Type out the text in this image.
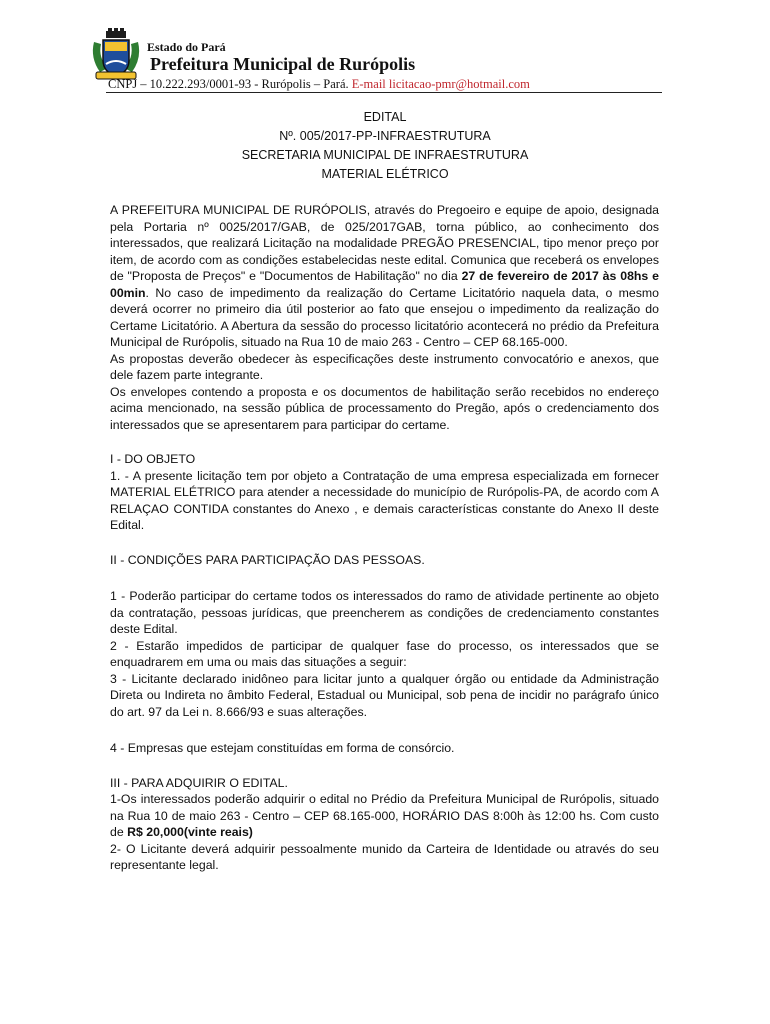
Estado do Pará
Prefeitura Municipal de Rurópolis
CNPJ – 10.222.293/0001-93 - Rurópolis – Pará. E-mail licitacao-pmr@hotmail.com
EDITAL
Nº. 005/2017-PP-INFRAESTRUTURA
SECRETARIA MUNICIPAL DE INFRAESTRUTURA
MATERIAL ELÉTRICO

A PREFEITURA MUNICIPAL DE RURÓPOLIS, através do Pregoeiro e equipe de apoio, designada pela Portaria nº 0025/2017/GAB, de 025/2017GAB, torna público, ao conhecimento dos interessados, que realizará Licitação na modalidade PREGÃO PRESENCIAL, tipo menor preço por item, de acordo com as condições estabelecidas neste edital. Comunica que receberá os envelopes de "Proposta de Preços" e "Documentos de Habilitação" no dia 27 de fevereiro de 2017 às 08hs e 00min. No caso de impedimento da realização do Certame Licitatório naquela data, o mesmo deverá ocorrer no primeiro dia útil posterior ao fato que ensejou o impedimento da realização do Certame Licitatório. A Abertura da sessão do processo licitatório acontecerá no prédio da Prefeitura Municipal de Rurópolis, situado na Rua 10 de maio 263 - Centro – CEP 68.165-000.

As propostas deverão obedecer às especificações deste instrumento convocatório e anexos, que dele fazem parte integrante.

Os envelopes contendo a proposta e os documentos de habilitação serão recebidos no endereço acima mencionado, na sessão pública de processamento do Pregão, após o credenciamento dos interessados que se apresentarem para participar do certame.

I - DO OBJETO

1. - A presente licitação tem por objeto a Contratação de uma empresa especializada em fornecer MATERIAL ELÉTRICO para atender a necessidade do município de Rurópolis-PA, de acordo com A RELAÇAO CONTIDA constantes do Anexo , e demais características constante do Anexo II deste Edital.

II - CONDIÇÕES PARA PARTICIPAÇÃO DAS PESSOAS.

1 - Poderão participar do certame todos os interessados do ramo de atividade pertinente ao objeto da contratação, pessoas jurídicas, que preencherem as condições de credenciamento constantes deste Edital.

2 - Estarão impedidos de participar de qualquer fase do processo, os interessados que se enquadrarem em uma ou mais das situações a seguir:

3 - Licitante declarado inidôneo para licitar junto a qualquer órgão ou entidade da Administração Direta ou Indireta no âmbito Federal, Estadual ou Municipal, sob pena de incidir no parágrafo único do art. 97 da Lei n. 8.666/93 e suas alterações.

4 - Empresas que estejam constituídas em forma de consórcio.

III - PARA ADQUIRIR O EDITAL.

1-Os interessados poderão adquirir o edital no Prédio da Prefeitura Municipal de Rurópolis, situado na Rua 10 de maio 263 - Centro – CEP 68.165-000, HORÁRIO DAS 8:00h às 12:00 hs. Com custo de R$ 20,000(vinte reais)

2- O Licitante deverá adquirir pessoalmente munido da Carteira de Identidade ou através do seu representante legal.
